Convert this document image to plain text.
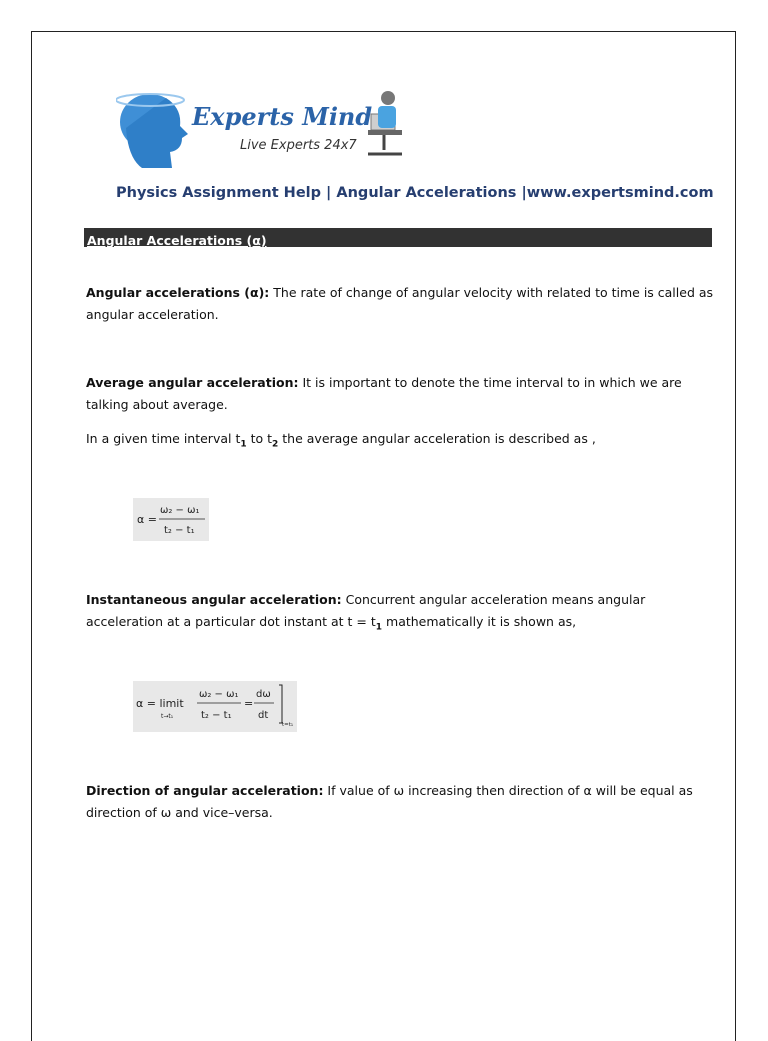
Experts Mind
Live Experts 24x7
Physics Assignment Help | Angular Accelerations |www.expertsmind.com
Angular Accelerations (α)
Angular accelerations (α): The rate of change of angular velocity with related to time is called as angular acceleration.
Average angular acceleration: It is important to denote the time interval to in which we are talking about average.
In a given time interval $t_1$ to $t_2$ the average angular acceleration is described as ,
α =
ω₂ − ω₁
t₂ − t₁
Instantaneous angular acceleration: Concurrent angular acceleration means angular acceleration at a particular dot instant at $t = t_1$ mathematically it is shown as,
α = limit
t→t₁
ω₂ − ω₁
t₂ − t₁
=
dω
dt
t=t₁
Direction of angular acceleration: If value of ω increasing then direction of α will be equal as direction of ω and vice–versa.
